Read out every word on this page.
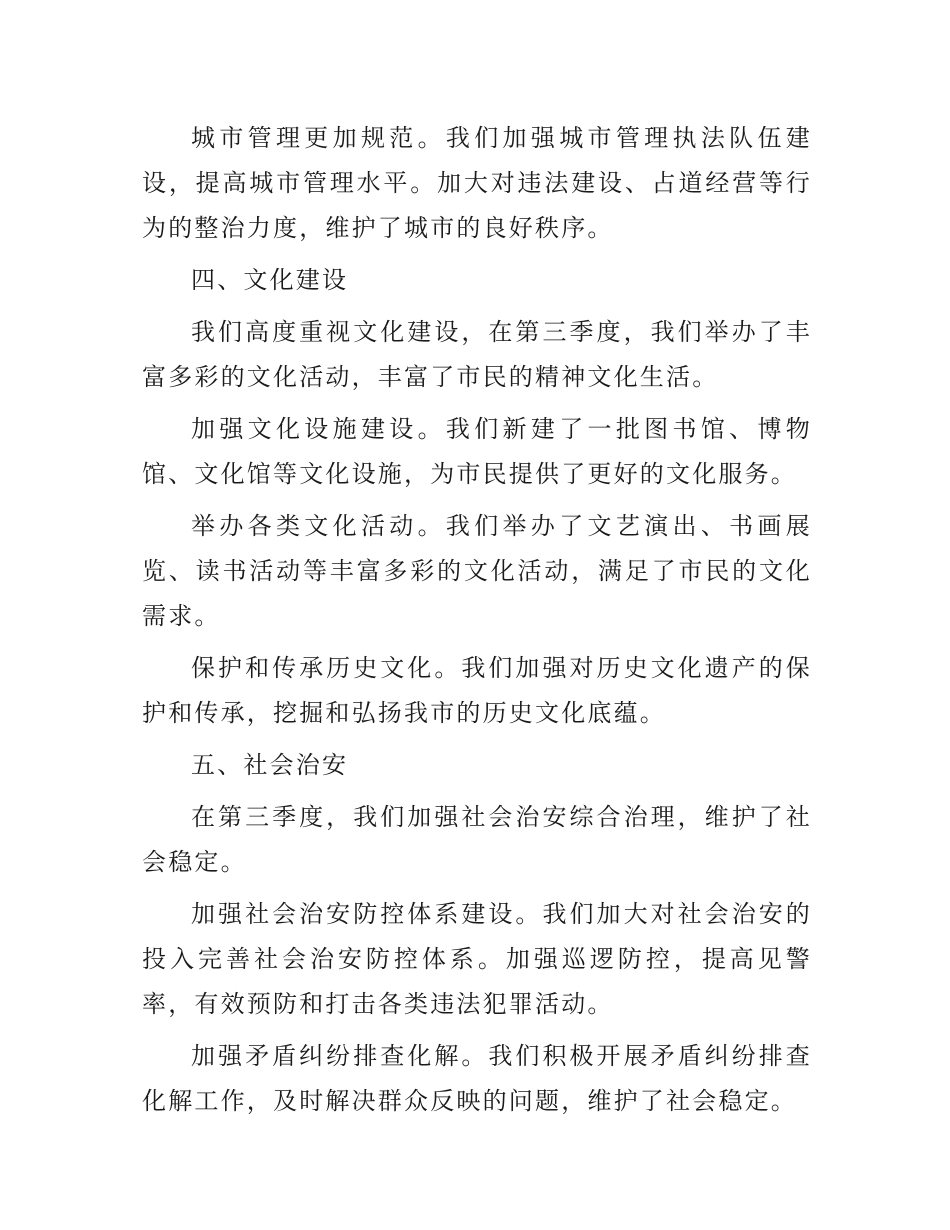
城市管理更加规范。我们加强城市管理执法队伍建设，提高城市管理水平。加大对违法建设、占道经营等行为的整治力度，维护了城市的良好秩序。

四、文化建设

我们高度重视文化建设，在第三季度，我们举办了丰富多彩的文化活动，丰富了市民的精神文化生活。

加强文化设施建设。我们新建了一批图书馆、博物馆、文化馆等文化设施，为市民提供了更好的文化服务。

举办各类文化活动。我们举办了文艺演出、书画展览、读书活动等丰富多彩的文化活动，满足了市民的文化需求。

保护和传承历史文化。我们加强对历史文化遗产的保护和传承，挖掘和弘扬我市的历史文化底蕴。

五、社会治安

在第三季度，我们加强社会治安综合治理，维护了社会稳定。

加强社会治安防控体系建设。我们加大对社会治安的投入完善社会治安防控体系。加强巡逻防控，提高见警率，有效预防和打击各类违法犯罪活动。

加强矛盾纠纷排查化解。我们积极开展矛盾纠纷排查化解工作，及时解决群众反映的问题，维护了社会稳定。
